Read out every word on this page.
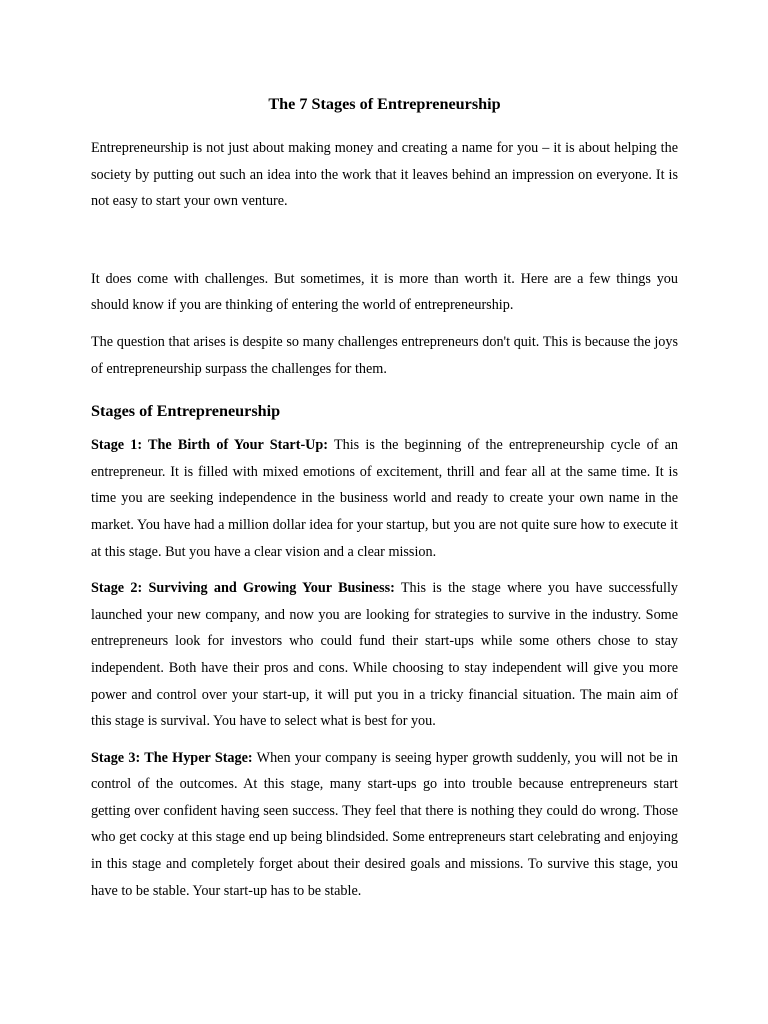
The 7 Stages of Entrepreneurship

Entrepreneurship is not just about making money and creating a name for you – it is about helping the society by putting out such an idea into the work that it leaves behind an impression on everyone. It is not easy to start your own venture.

It does come with challenges. But sometimes, it is more than worth it. Here are a few things you should know if you are thinking of entering the world of entrepreneurship.

The question that arises is despite so many challenges entrepreneurs don't quit. This is because the joys of entrepreneurship surpass the challenges for them.

Stages of Entrepreneurship

Stage 1: The Birth of Your Start-Up: This is the beginning of the entrepreneurship cycle of an entrepreneur. It is filled with mixed emotions of excitement, thrill and fear all at the same time. It is time you are seeking independence in the business world and ready to create your own name in the market. You have had a million dollar idea for your startup, but you are not quite sure how to execute it at this stage. But you have a clear vision and a clear mission.

Stage 2: Surviving and Growing Your Business: This is the stage where you have successfully launched your new company, and now you are looking for strategies to survive in the industry. Some entrepreneurs look for investors who could fund their start-ups while some others chose to stay independent. Both have their pros and cons. While choosing to stay independent will give you more power and control over your start-up, it will put you in a tricky financial situation. The main aim of this stage is survival. You have to select what is best for you.

Stage 3: The Hyper Stage: When your company is seeing hyper growth suddenly, you will not be in control of the outcomes. At this stage, many start-ups go into trouble because entrepreneurs start getting over confident having seen success. They feel that there is nothing they could do wrong. Those who get cocky at this stage end up being blindsided. Some entrepreneurs start celebrating and enjoying in this stage and completely forget about their desired goals and missions. To survive this stage, you have to be stable. Your start-up has to be stable.
